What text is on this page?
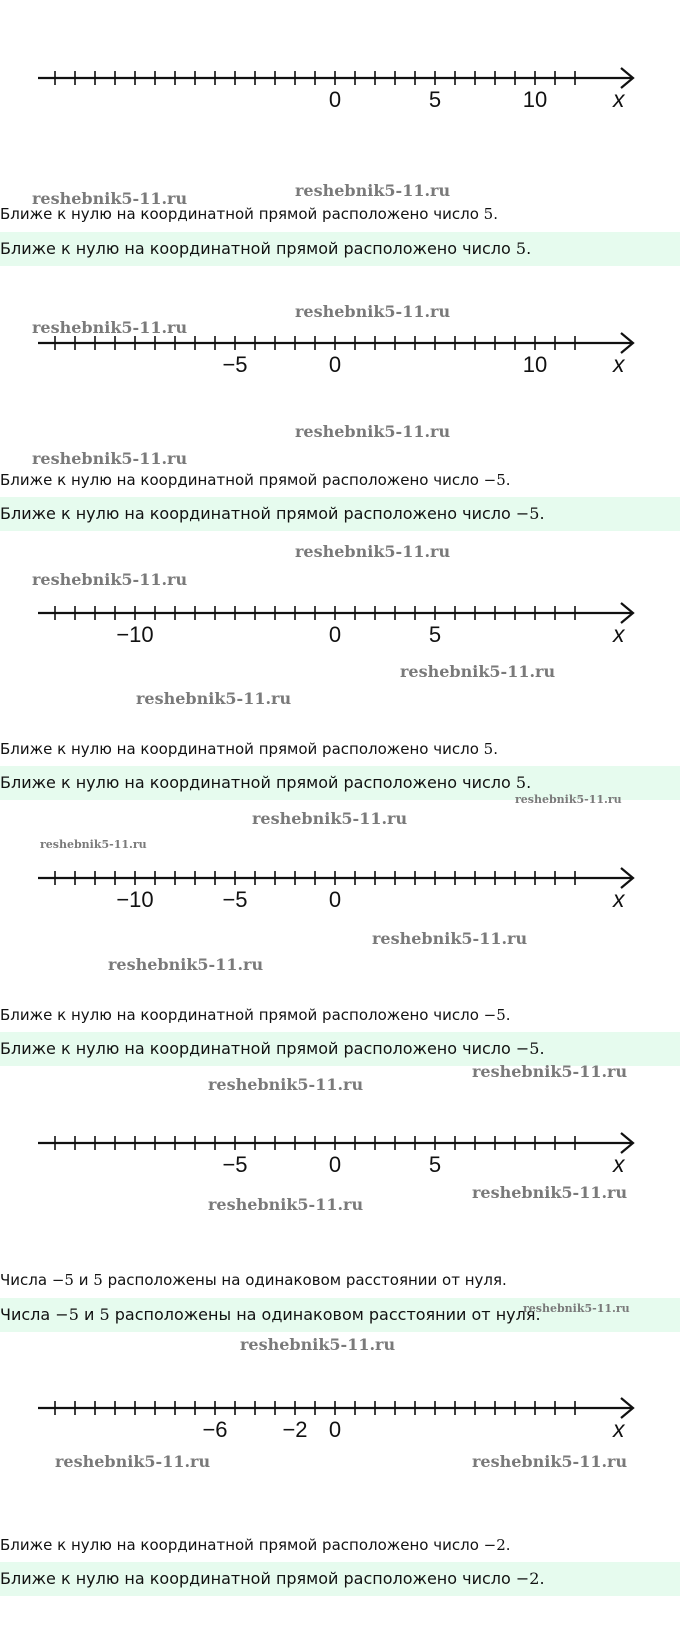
0	5	10	x
Ближе к нулю на координатной прямой расположено число 5.
Ближе к нулю на координатной прямой расположено число 5.
−5	0	10	x
Ближе к нулю на координатной прямой расположено число −5.
Ближе к нулю на координатной прямой расположено число −5.
−10	0	5	x
Ближе к нулю на координатной прямой расположено число 5.
Ближе к нулю на координатной прямой расположено число 5.
−10	−5	0	x
Ближе к нулю на координатной прямой расположено число −5.
Ближе к нулю на координатной прямой расположено число −5.
−5	0	5	x
Числа −5 и 5 расположены на одинаковом расстоянии от нуля.
Числа −5 и 5 расположены на одинаковом расстоянии от нуля.
−6 −2 0	x
Ближе к нулю на координатной прямой расположено число −2.
Ближе к нулю на координатной прямой расположено число −2.
reshebnik5-11.ru	reshebnik5-11.ru
reshebnik5-11.ru
reshebnik5-11.ru
reshebnik5-11.ru
reshebnik5-11.ru
reshebnik5-11.ru
reshebnik5-11.ru
reshebnik5-11.ru
reshebnik5-11.ru
reshebnik5-11.ru
reshebnik5-11.ru
reshebnik5-11.ru
reshebnik5-11.ru
reshebnik5-11.ru
reshebnik5-11.ru
reshebnik5-11.ru
reshebnik5-11.ru
reshebnik5-11.ru
reshebnik5-11.ru
reshebnik5-11.ru
reshebnik5-11.ru	reshebnik5-11.ru
